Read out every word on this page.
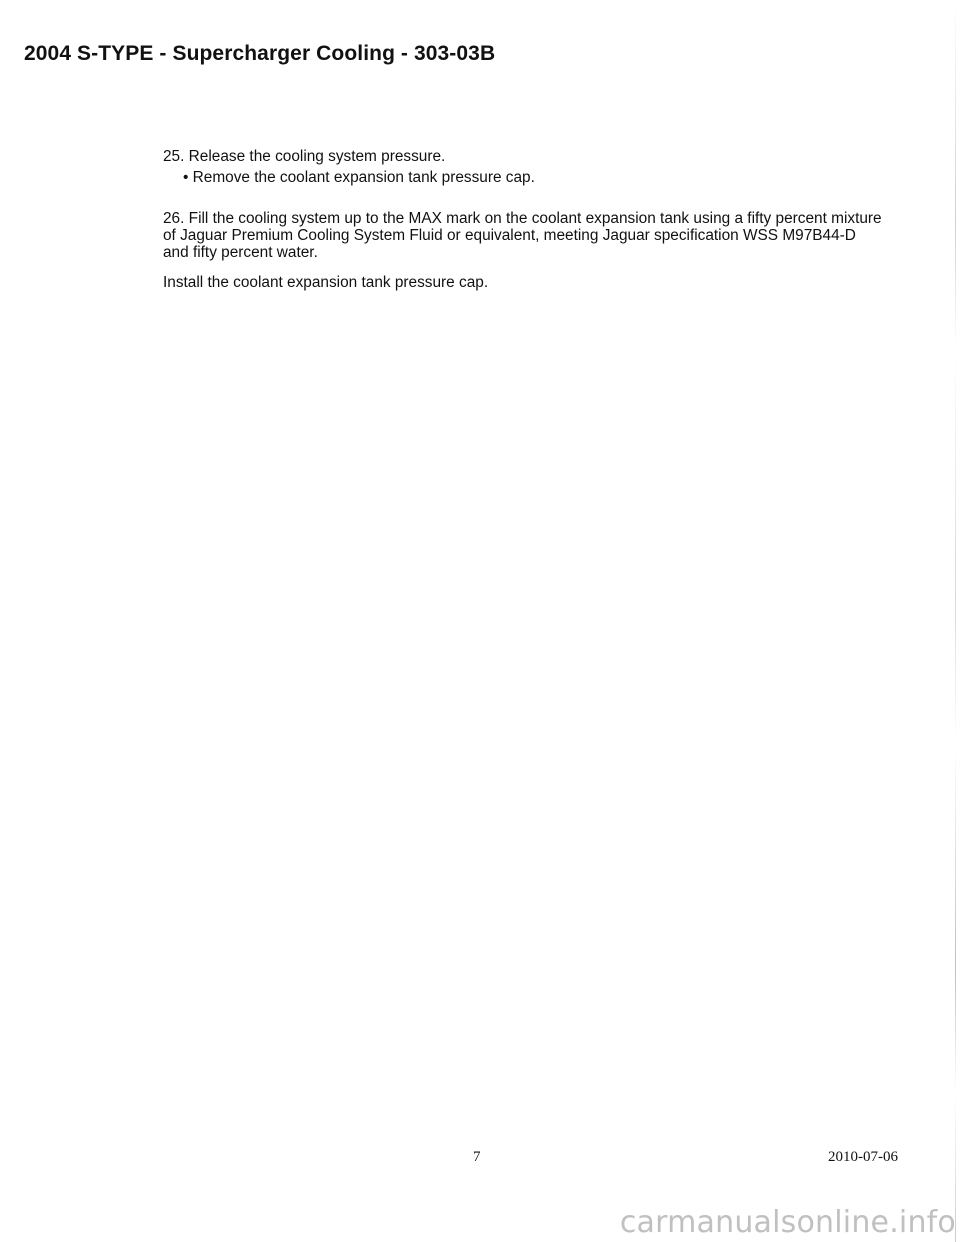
2004 S-TYPE - Supercharger Cooling - 303-03B

25. Release the cooling system pressure.

• Remove the coolant expansion tank pressure cap.

26. Fill the cooling system up to the MAX mark on the coolant expansion tank using a fifty percent mixture of Jaguar Premium Cooling System Fluid or equivalent, meeting Jaguar specification WSS M97B44-D and fifty percent water.

Install the coolant expansion tank pressure cap.

7	2010-07-06
carmanualsonline.info
